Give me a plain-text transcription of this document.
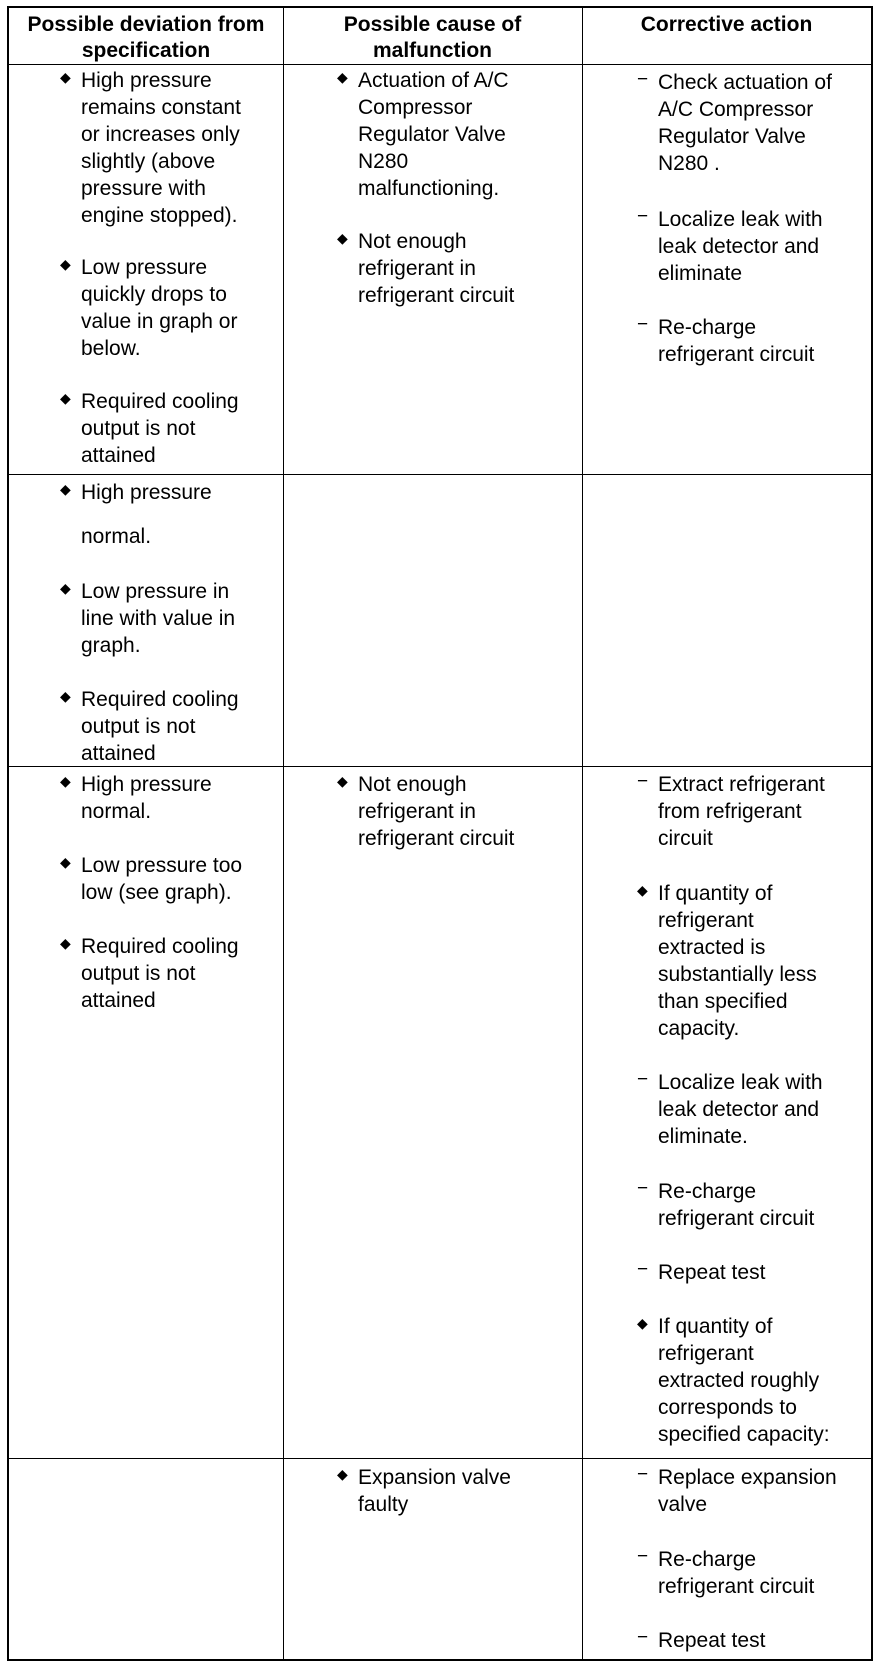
Possible deviation from specification
Possible cause of malfunction
Corrective action
◆ High pressure
remains constant
or increases only
slightly (above
pressure with
engine stopped).
◆ Low pressure
quickly drops to
value in graph or
below.
◆ Required cooling
output is not
attained
◆ Actuation of A/C
Compressor
Regulator Valve
N280
malfunctioning.
◆ Not enough
refrigerant in
refrigerant circuit
− Check actuation of
A/C Compressor
Regulator Valve
N280 .
− Localize leak with
leak detector and
eliminate
− Re-charge
refrigerant circuit
◆ High pressure
normal.
◆ Low pressure in
line with value in
graph.
◆ Required cooling
output is not
attained
◆ High pressure
normal.
◆ Low pressure too
low (see graph).
◆ Required cooling
output is not
attained
◆ Not enough
refrigerant in
refrigerant circuit
− Extract refrigerant
from refrigerant
circuit
◆ If quantity of
refrigerant
extracted is
substantially less
than specified
capacity.
− Localize leak with
leak detector and
eliminate.
− Re-charge
refrigerant circuit
− Repeat test
◆ If quantity of
refrigerant
extracted roughly
corresponds to
specified capacity:
◆ Expansion valve
faulty
− Replace expansion
valve
− Re-charge
refrigerant circuit
− Repeat test
